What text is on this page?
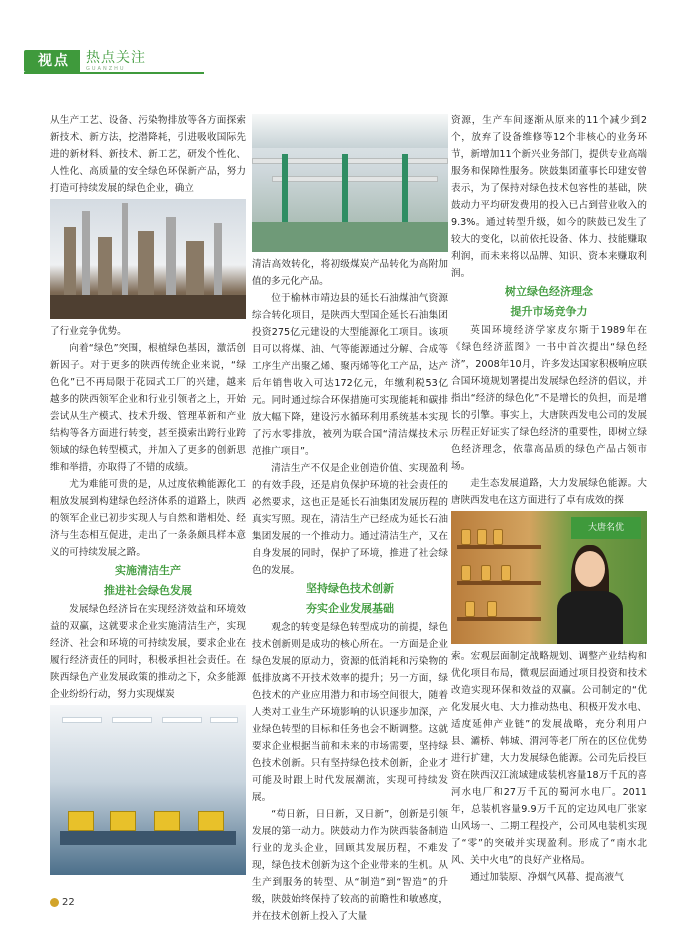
视点	热点关注
GUANZHU

从生产工艺、设备、污染物排放等各方面探索新技术、新方法，挖潜降耗，引进吸收国际先进的新材料、新技术、新工艺，研发个性化、人性化、高质量的安全绿色环保新产品，努力打造可持续发展的绿色企业，确立

了行业竞争优势。

向着“绿色”突围，根植绿色基因，激活创新因子。对于更多的陕西传统企业来说，“绿色化”已不再局限于花园式工厂的兴建，越来越多的陕西领军企业和行业引领者之上，开始尝试从生产模式、技术升级、管理革新和产业结构等各方面进行转变，甚至摸索出跨行业跨领域的绿色转型模式，并加入了更多的创新思维和举措，亦取得了不错的成绩。

尤为难能可贵的是，从过度依赖能源化工粗放发展到构建绿色经济体系的道路上，陕西的领军企业已初步实现人与自然和谐相处、经济与生态相互促进，走出了一条条颇具样本意义的可持续发展之路。

实施清洁生产
推进社会绿色发展

发展绿色经济旨在实现经济效益和环境效益的双赢，这就要求企业实施清洁生产，实现经济、社会和环境的可持续发展，要求企业在履行经济责任的同时，积极承担社会责任。在陕西绿色产业发展政策的推动之下，众多能源企业纷纷行动，努力实现煤炭

清洁高效转化，将初级煤炭产品转化为高附加值的多元化产品。

位于榆林市靖边县的延长石油煤油气资源综合转化项目，是陕西大型国企延长石油集团投资275亿元建设的大型能源化工项目。该项目可以将煤、油、气等能源通过分解、合成等工序生产出聚乙烯、聚丙烯等化工产品，达产后年销售收入可达172亿元，年缴利税53亿元。同时通过综合环保措施可实现能耗和碳排放大幅下降，建设污水循环利用系统基本实现了污水零排放，被列为联合国“清洁煤技术示范推广项目”。

清洁生产不仅是企业创造价值、实现盈利的有效手段，还是肩负保护环境的社会责任的必然要求，这也正是延长石油集团发展历程的真实写照。现在，清洁生产已经成为延长石油集团发展的一个推动力。通过清洁生产，又在自身发展的同时，保护了环境，推进了社会绿色的发展。

坚持绿色技术创新
夯实企业发展基础

观念的转变是绿色转型成功的前提，绿色技术创新则是成功的核心所在。一方面是企业绿色发展的原动力，资源的低消耗和污染物的低排放离不开技术效率的提升；另一方面，绿色技术的产业应用潜力和市场空间很大，随着人类对工业生产环境影响的认识逐步加深，产业绿色转型的目标和任务也会不断调整。这就要求企业根据当前和未来的市场需要，坚持绿色技术创新。只有坚持绿色技术创新，企业才可能及时跟上时代发展潮流，实现可持续发展。

“苟日新，日日新，又日新”，创新是引领发展的第一动力。陕鼓动力作为陕西装备制造行业的龙头企业，回顾其发展历程，不难发现，绿色技术创新为这个企业带来的生机。从生产到服务的转型、从“制造”到“智造”的升级，陕鼓始终保持了较高的前瞻性和敏感度，并在技术创新上投入了大量

资源，生产车间逐渐从原来的11个减少到2个，放弃了设备维修等12个非核心的业务环节，新增加11个新兴业务部门，提供专业高端服务和保障性服务。陕鼓集团董事长印建安曾表示，为了保持对绿色技术包容性的基础，陕鼓动力平均研发费用的投入已占到营业收入的9.3%。通过转型升级，如今的陕鼓已发生了较大的变化，以前依托设备、体力、技能赚取利润，而未来将以品牌、知识、资本来赚取利润。

树立绿色经济理念
提升市场竞争力

英国环境经济学家皮尔斯于1989年在《绿色经济蓝图》一书中首次提出“绿色经济”，2008年10月，许多发达国家积极响应联合国环境规划署提出发展绿色经济的倡议，并指出“经济的绿色化”不是增长的负担，而是增长的引擎。事实上，大唐陕西发电公司的发展历程正好证实了绿色经济的重要性，即树立绿色经济理念，依靠高品质的绿色产品占领市场。

走生态发展道路，大力发展绿色能源。大唐陕西发电在这方面进行了卓有成效的探

大唐名优

索。宏观层面制定战略规划、调整产业结构和优化项目布局，微观层面通过项目投资和技术改造实现环保和效益的双赢。公司制定的“优化发展火电、大力推动热电、积极开发水电、适度延伸产业链”的发展战略，充分利用户县、灞桥、韩城、渭河等老厂所在的区位优势进行扩建，大力发展绿色能源。公司先后投巨资在陕西汉江流域建成装机容量18万千瓦的喜河水电厂和27万千瓦的蜀河水电厂。2011年，总装机容量9.9万千瓦的定边风电厂张家山风场一、二期工程投产，公司风电装机实现了“零”的突破并实现盈利。形成了“南水北风、关中火电”的良好产业格局。

通过加装原、净烟气风幕、提高液气

22
